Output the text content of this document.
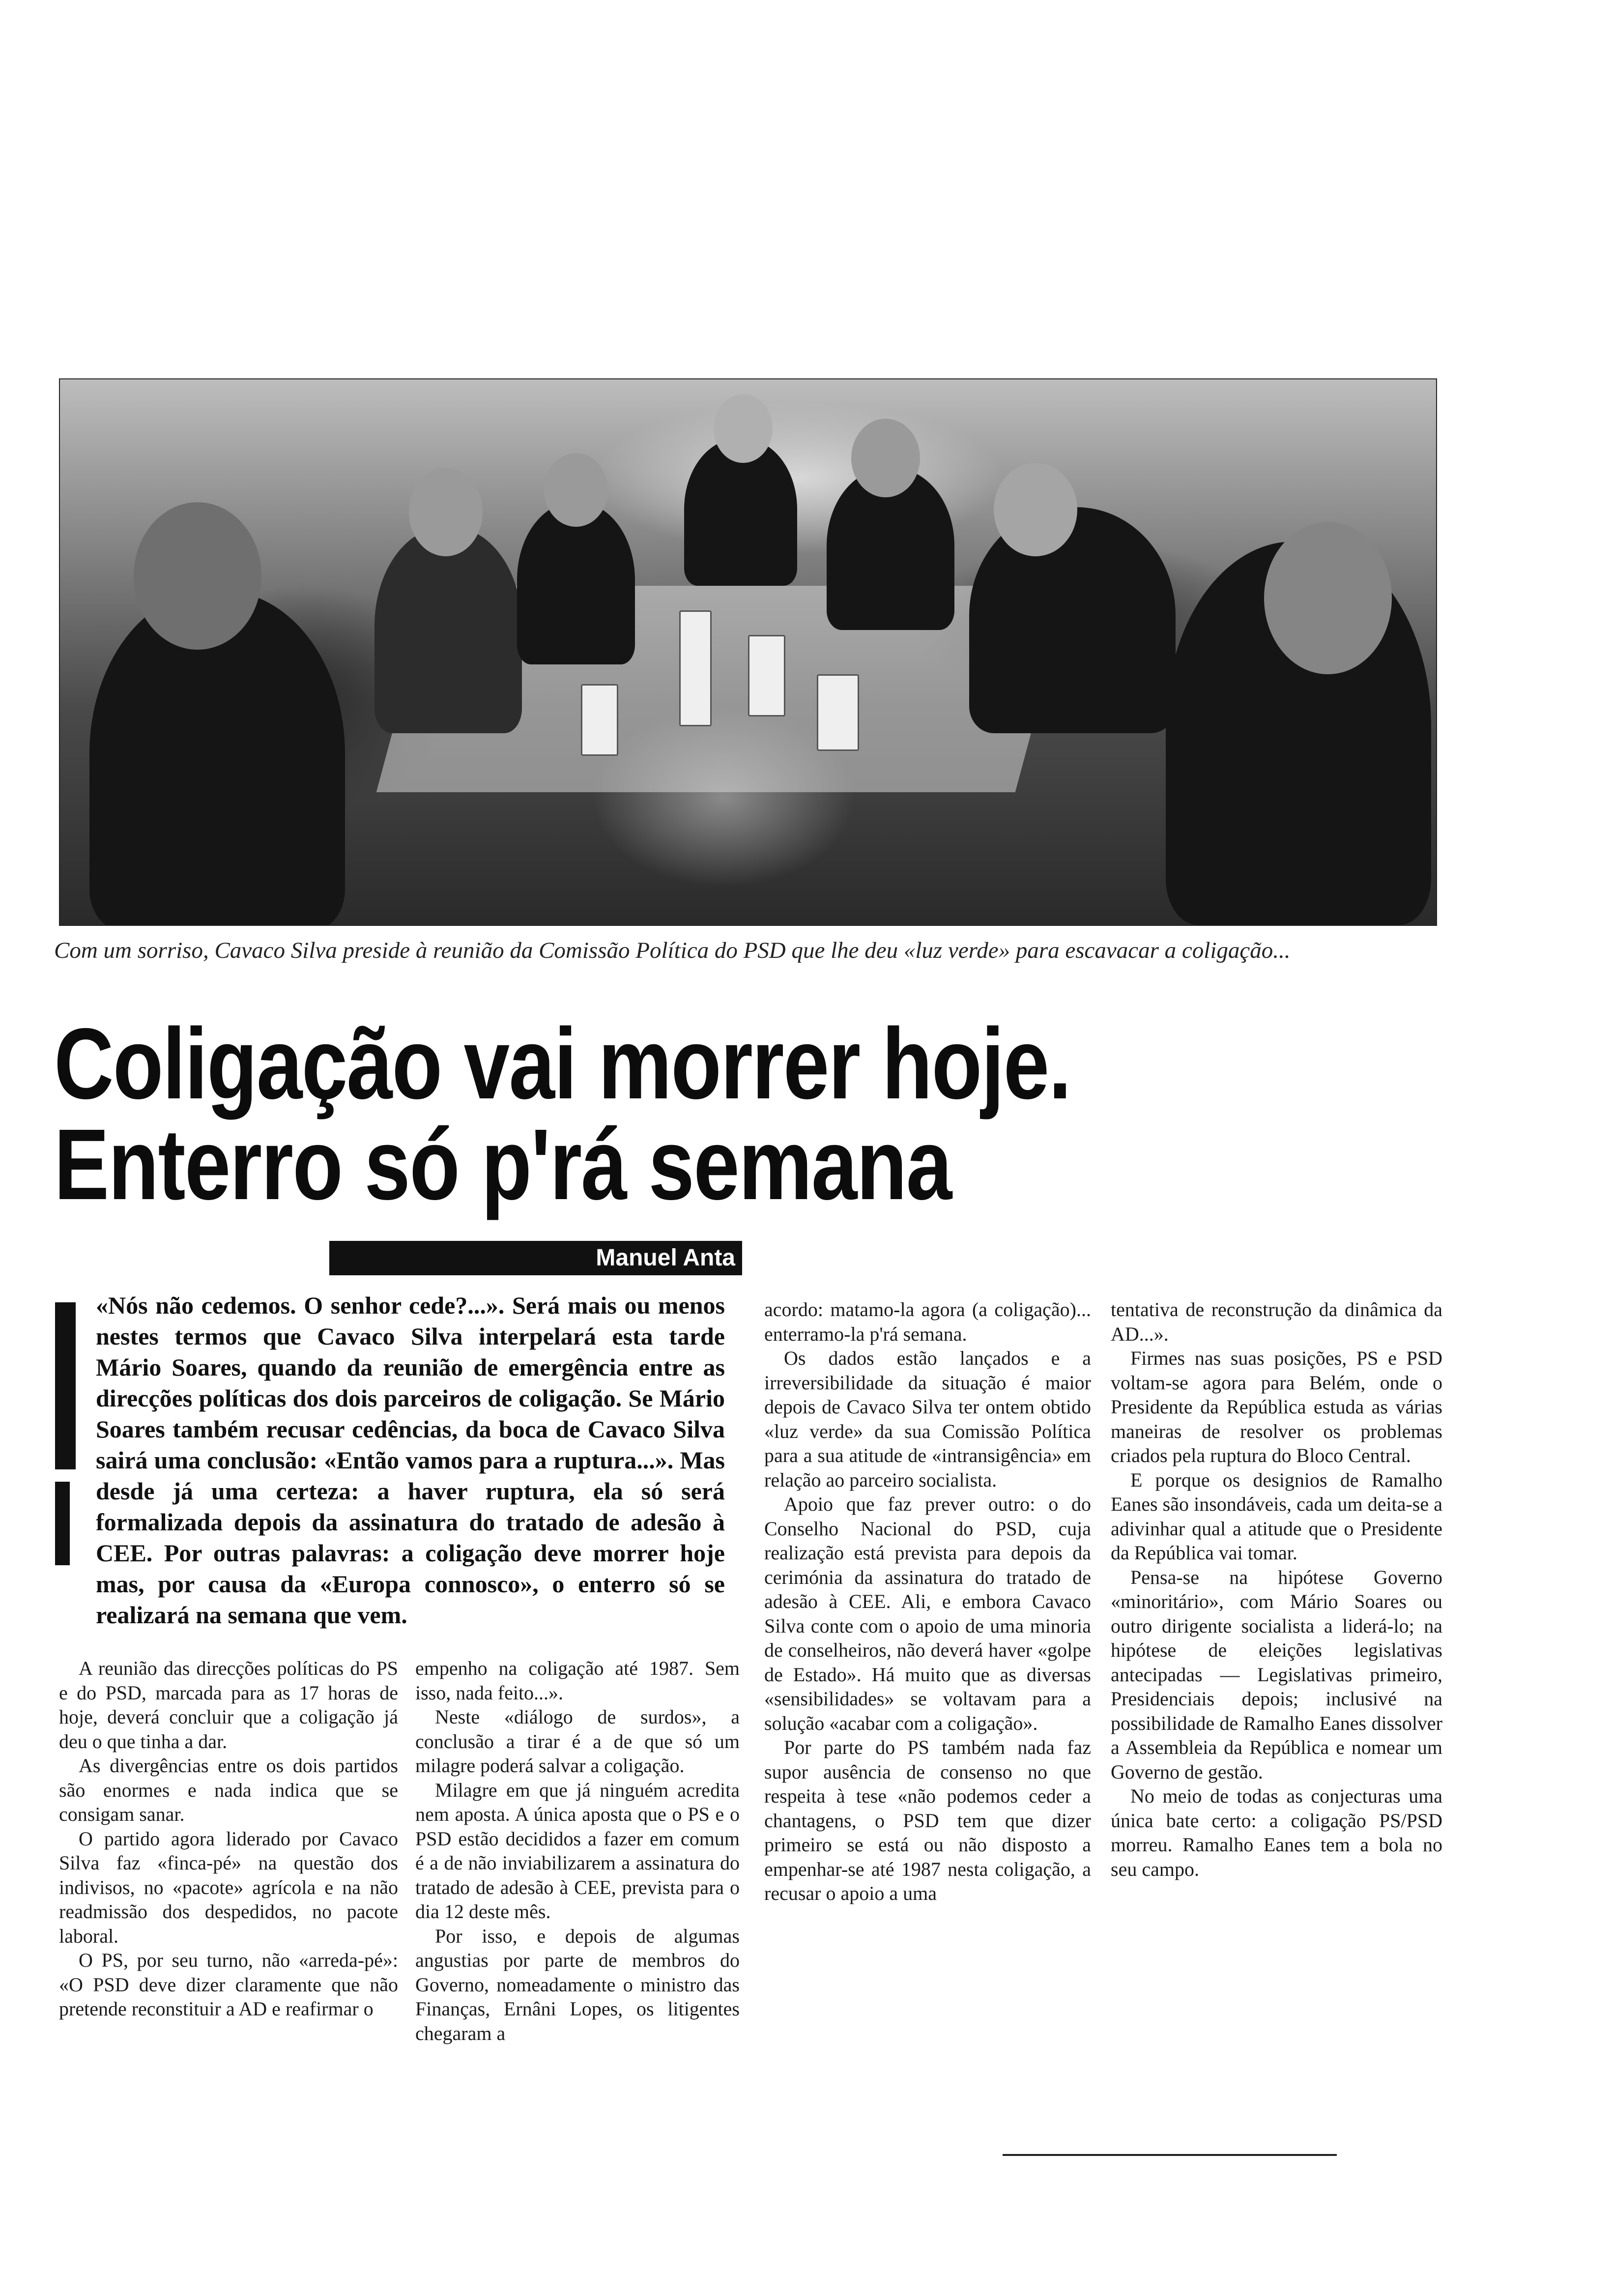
Com um sorriso, Cavaco Silva preside à reunião da Comissão Política do PSD que lhe deu «luz verde» para escavacar a coligação...
Coligação vai morrer hoje.
Enterro só p'rá semana
Manuel Anta
«Nós não cedemos. O senhor cede?...». Será mais ou menos nestes termos que Cavaco Silva interpelará esta tarde Mário Soares, quando da reunião de emergência entre as direcções políticas dos dois parceiros de coligação. Se Mário Soares também recusar cedências, da boca de Cavaco Silva sairá uma conclusão: «Então vamos para a ruptura...». Mas desde já uma certeza: a haver ruptura, ela só será formalizada depois da assinatura do tratado de adesão à CEE. Por outras palavras: a coligação deve morrer hoje mas, por causa da «Europa connosco», o enterro só se realizará na semana que vem.

A reunião das direcções políticas do PS e do PSD, marcada para as 17 horas de hoje, deverá concluir que a coligação já deu o que tinha a dar.

As divergências entre os dois partidos são enormes e nada indica que se consigam sanar.

O partido agora liderado por Cavaco Silva faz «finca-pé» na questão dos indivisos, no «pacote» agrícola e na não readmissão dos despedidos, no pacote laboral.

O PS, por seu turno, não «arreda-pé»: «O PSD deve dizer claramente que não pretende reconstituir a AD e reafirmar o

empenho na coligação até 1987. Sem isso, nada feito...».

Neste «diálogo de surdos», a conclusão a tirar é a de que só um milagre poderá salvar a coligação.

Milagre em que já ninguém acredita nem aposta. A única aposta que o PS e o PSD estão decididos a fazer em comum é a de não inviabilizarem a assinatura do tratado de adesão à CEE, prevista para o dia 12 deste mês.

Por isso, e depois de algumas angustias por parte de membros do Governo, nomeadamente o ministro das Finanças, Ernâni Lopes, os litigentes chegaram a

acordo: matamo-la agora (a coligação)... enterramo-la p'rá semana.

Os dados estão lançados e a irreversibilidade da situação é maior depois de Cavaco Silva ter ontem obtido «luz verde» da sua Comissão Política para a sua atitude de «intransigência» em relação ao parceiro socialista.

Apoio que faz prever outro: o do Conselho Nacional do PSD, cuja realização está prevista para depois da cerimónia da assinatura do tratado de adesão à CEE. Ali, e embora Cavaco Silva conte com o apoio de uma minoria de conselheiros, não deverá haver «golpe de Estado». Há muito que as diversas «sensibilidades» se voltavam para a solução «acabar com a coligação».

Por parte do PS também nada faz supor ausência de consenso no que respeita à tese «não podemos ceder a chantagens, o PSD tem que dizer primeiro se está ou não disposto a empenhar-se até 1987 nesta coligação, a recusar o apoio a uma

tentativa de reconstrução da dinâmica da AD...».

Firmes nas suas posições, PS e PSD voltam-se agora para Belém, onde o Presidente da República estuda as várias maneiras de resolver os problemas criados pela ruptura do Bloco Central.

E porque os designios de Ramalho Eanes são insondáveis, cada um deita-se a adivinhar qual a atitude que o Presidente da República vai tomar.

Pensa-se na hipótese Governo «minoritário», com Mário Soares ou outro dirigente socialista a liderá-lo; na hipótese de eleições legislativas antecipadas — Legislativas primeiro, Presidenciais depois; inclusivé na possibilidade de Ramalho Eanes dissolver a Assembleia da República e nomear um Governo de gestão.

No meio de todas as conjecturas uma única bate certo: a coligação PS/PSD morreu. Ramalho Eanes tem a bola no seu campo.
